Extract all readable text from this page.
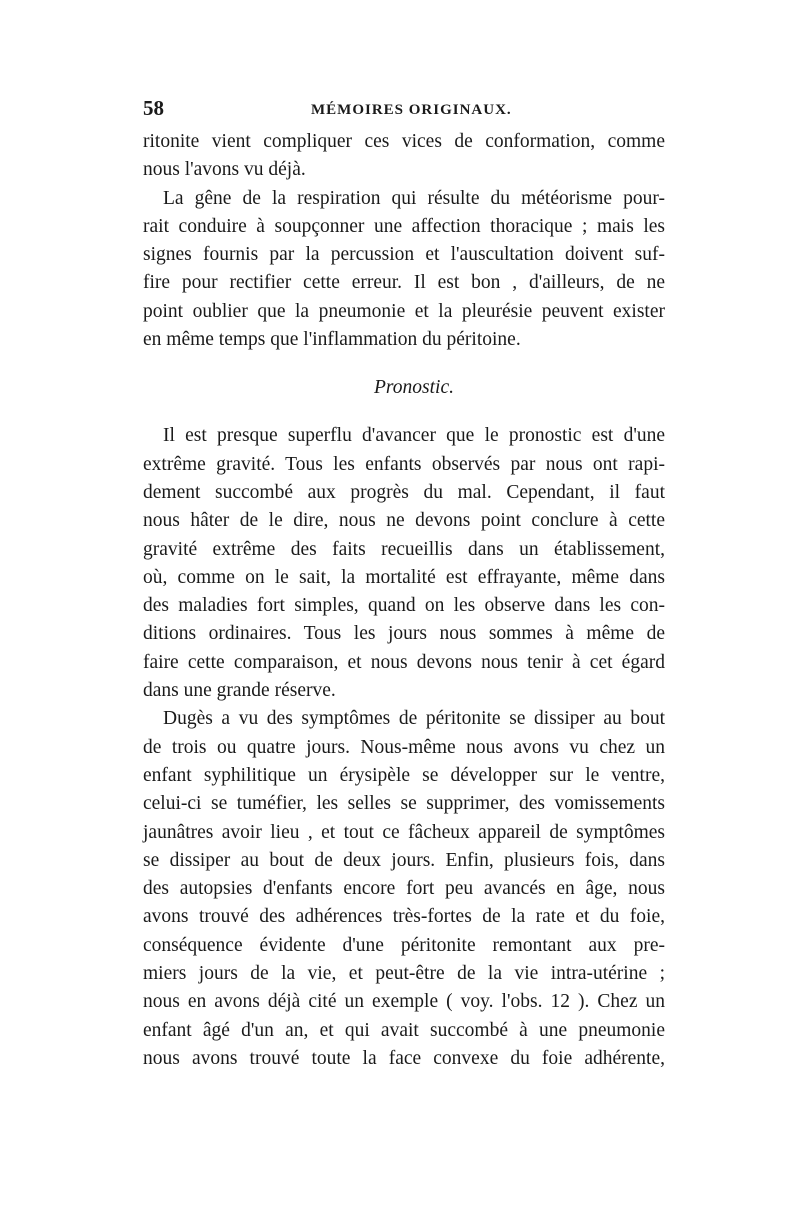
58	MÉMOIRES ORIGINAUX.
ritonite vient compliquer ces vices de conformation, comme
nous l'avons vu déjà.
La gêne de la respiration qui résulte du météorisme pour-
rait conduire à soupçonner une affection thoracique ; mais les
signes fournis par la percussion et l'auscultation doivent suf-
fire pour rectifier cette erreur. Il est bon , d'ailleurs, de ne
point oublier que la pneumonie et la pleurésie peuvent exister
en même temps que l'inflammation du péritoine.
Pronostic.
Il est presque superflu d'avancer que le pronostic est d'une
extrême gravité. Tous les enfants observés par nous ont rapi-
dement succombé aux progrès du mal. Cependant, il faut
nous hâter de le dire, nous ne devons point conclure à cette
gravité extrême des faits recueillis dans un établissement,
où, comme on le sait, la mortalité est effrayante, même dans
des maladies fort simples, quand on les observe dans les con-
ditions ordinaires. Tous les jours nous sommes à même de
faire cette comparaison, et nous devons nous tenir à cet égard
dans une grande réserve.
Dugès a vu des symptômes de péritonite se dissiper au bout
de trois ou quatre jours. Nous-même nous avons vu chez un
enfant syphilitique un érysipèle se développer sur le ventre,
celui-ci se tuméfier, les selles se supprimer, des vomissements
jaunâtres avoir lieu , et tout ce fâcheux appareil de symptômes
se dissiper au bout de deux jours. Enfin, plusieurs fois, dans
des autopsies d'enfants encore fort peu avancés en âge, nous
avons trouvé des adhérences très-fortes de la rate et du foie,
conséquence évidente d'une péritonite remontant aux pre-
miers jours de la vie, et peut-être de la vie intra-utérine ;
nous en avons déjà cité un exemple ( voy. l'obs. 12 ). Chez un
enfant âgé d'un an, et qui avait succombé à une pneumonie
nous avons trouvé toute la face convexe du foie adhérente,
